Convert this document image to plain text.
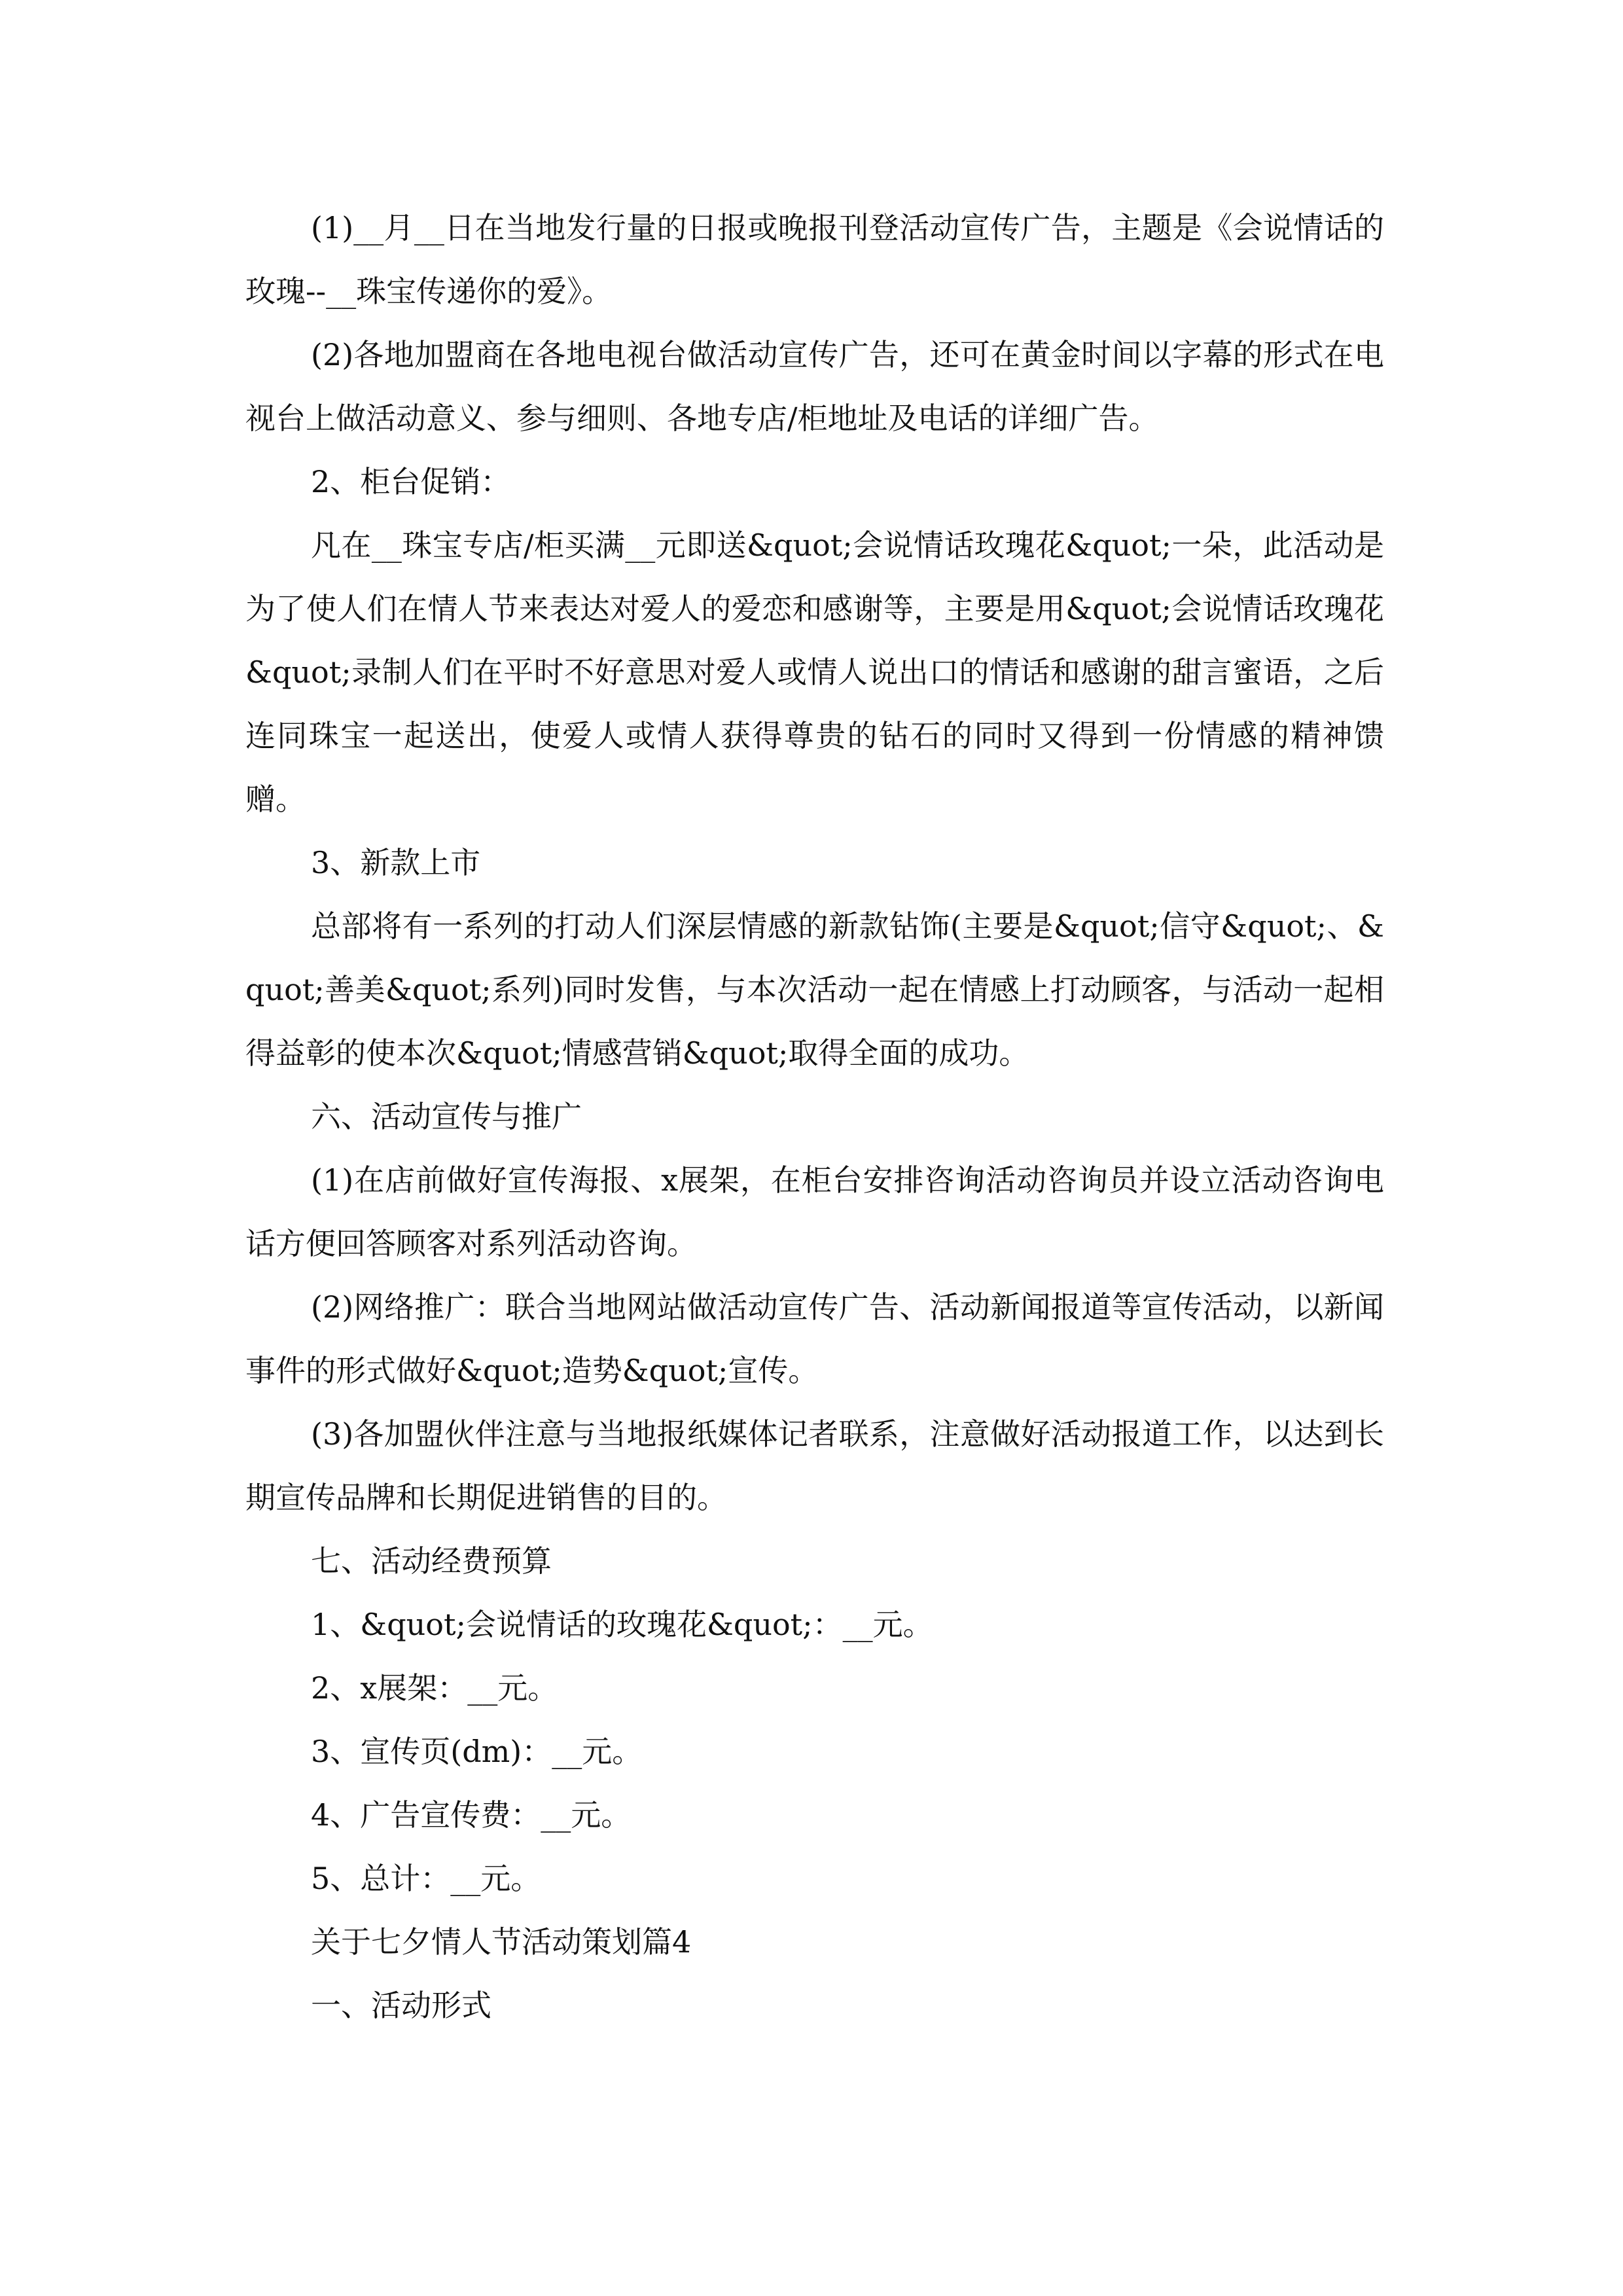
(1)__月__日在当地发行量的日报或晚报刊登活动宣传广告，主题是《会说情话的玫瑰--__珠宝传递你的爱》。

(2)各地加盟商在各地电视台做活动宣传广告，还可在黄金时间以字幕的形式在电视台上做活动意义、参与细则、各地专店/柜地址及电话的详细广告。

2、柜台促销：

凡在__珠宝专店/柜买满__元即送&quot;会说情话玫瑰花&quot;一朵，此活动是为了使人们在情人节来表达对爱人的爱恋和感谢等，主要是用&quot;会说情话玫瑰花&quot;录制人们在平时不好意思对爱人或情人说出口的情话和感谢的甜言蜜语，之后连同珠宝一起送出，使爱人或情人获得尊贵的钻石的同时又得到一份情感的精神馈赠。

3、新款上市

总部将有一系列的打动人们深层情感的新款钻饰(主要是&quot;信守&quot;、&quot;善美&quot;系列)同时发售，与本次活动一起在情感上打动顾客，与活动一起相得益彰的使本次&quot;情感营销&quot;取得全面的成功。

六、活动宣传与推广

(1)在店前做好宣传海报、x展架，在柜台安排咨询活动咨询员并设立活动咨询电话方便回答顾客对系列活动咨询。

(2)网络推广：联合当地网站做活动宣传广告、活动新闻报道等宣传活动，以新闻事件的形式做好&quot;造势&quot;宣传。

(3)各加盟伙伴注意与当地报纸媒体记者联系，注意做好活动报道工作，以达到长期宣传品牌和长期促进销售的目的。

七、活动经费预算

1、&quot;会说情话的玫瑰花&quot;：__元。

2、x展架：__元。

3、宣传页(dm)：__元。

4、广告宣传费：__元。

5、总计：__元。

关于七夕情人节活动策划篇4

一、活动形式
